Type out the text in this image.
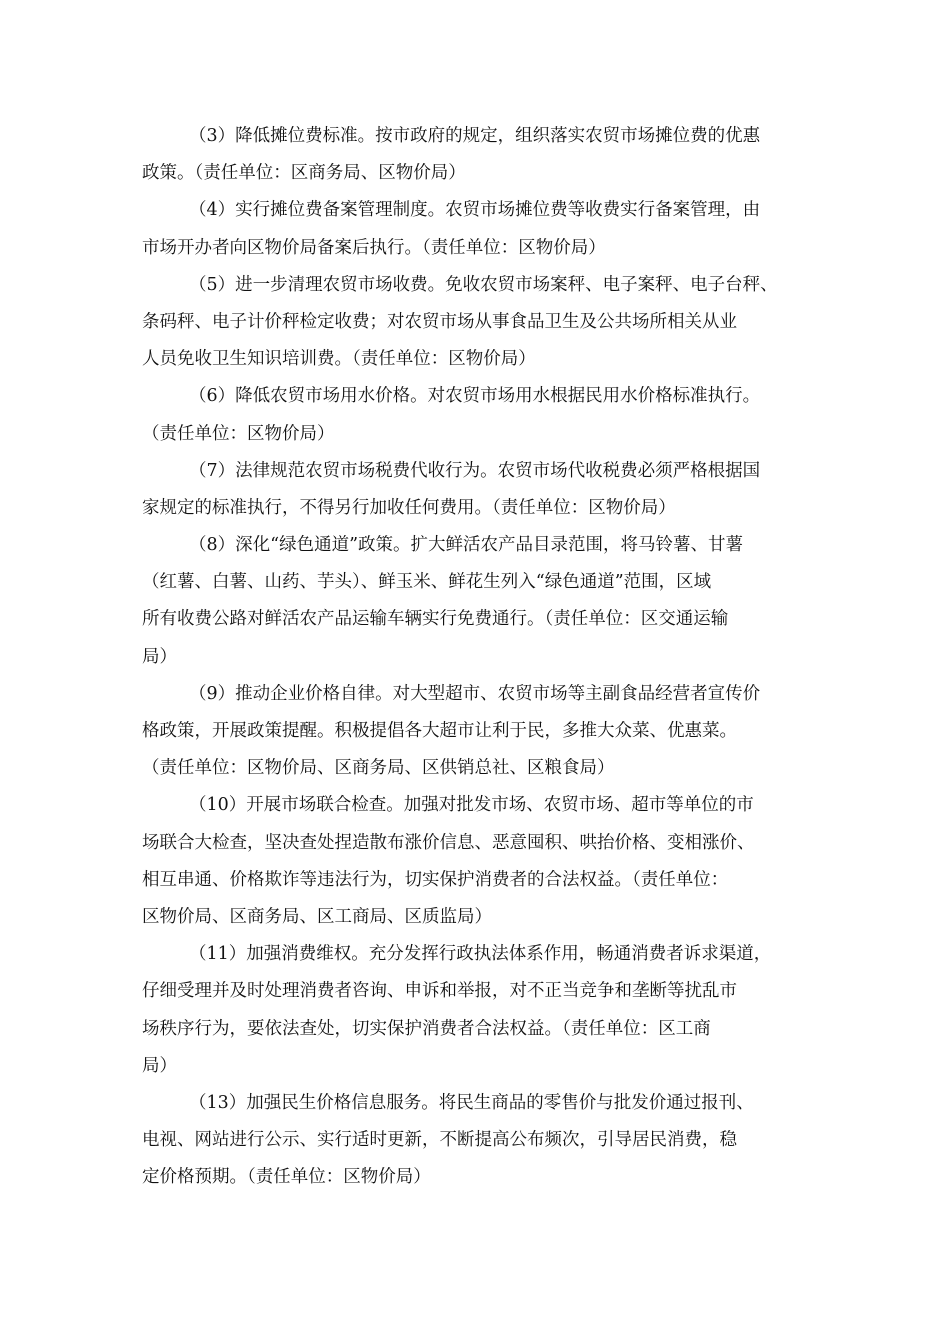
（3）降低摊位费标准。按市政府的规定，组织落实农贸市场摊位费的优惠
政策。（责任单位：区商务局、区物价局）
（4）实行摊位费备案管理制度。农贸市场摊位费等收费实行备案管理，由
市场开办者向区物价局备案后执行。（责任单位：区物价局）
（5）进一步清理农贸市场收费。免收农贸市场案秤、电子案秤、电子台秤、
条码秤、电子计价秤检定收费；对农贸市场从事食品卫生及公共场所相关从业
人员免收卫生知识培训费。（责任单位：区物价局）
（6）降低农贸市场用水价格。对农贸市场用水根据民用水价格标准执行。
（责任单位：区物价局）
（7）法律规范农贸市场税费代收行为。农贸市场代收税费必须严格根据国
家规定的标准执行，不得另行加收任何费用。（责任单位：区物价局）
（8）深化“绿色通道”政策。扩大鲜活农产品目录范围，将马铃薯、甘薯
（红薯、白薯、山药、芋头）、鲜玉米、鲜花生列入“绿色通道”范围，区域
所有收费公路对鲜活农产品运输车辆实行免费通行。（责任单位：区交通运输
局）
（9）推动企业价格自律。对大型超市、农贸市场等主副食品经营者宣传价
格政策，开展政策提醒。积极提倡各大超市让利于民，多推大众菜、优惠菜。
（责任单位：区物价局、区商务局、区供销总社、区粮食局）
（10）开展市场联合检查。加强对批发市场、农贸市场、超市等单位的市
场联合大检查，坚决查处捏造散布涨价信息、恶意囤积、哄抬价格、变相涨价、
相互串通、价格欺诈等违法行为，切实保护消费者的合法权益。（责任单位：
区物价局、区商务局、区工商局、区质监局）
（11）加强消费维权。充分发挥行政执法体系作用，畅通消费者诉求渠道，
仔细受理并及时处理消费者咨询、申诉和举报，对不正当竞争和垄断等扰乱市
场秩序行为，要依法查处，切实保护消费者合法权益。（责任单位：区工商
局）
（13）加强民生价格信息服务。将民生商品的零售价与批发价通过报刊、
电视、网站进行公示、实行适时更新，不断提高公布频次，引导居民消费，稳
定价格预期。（责任单位：区物价局）
